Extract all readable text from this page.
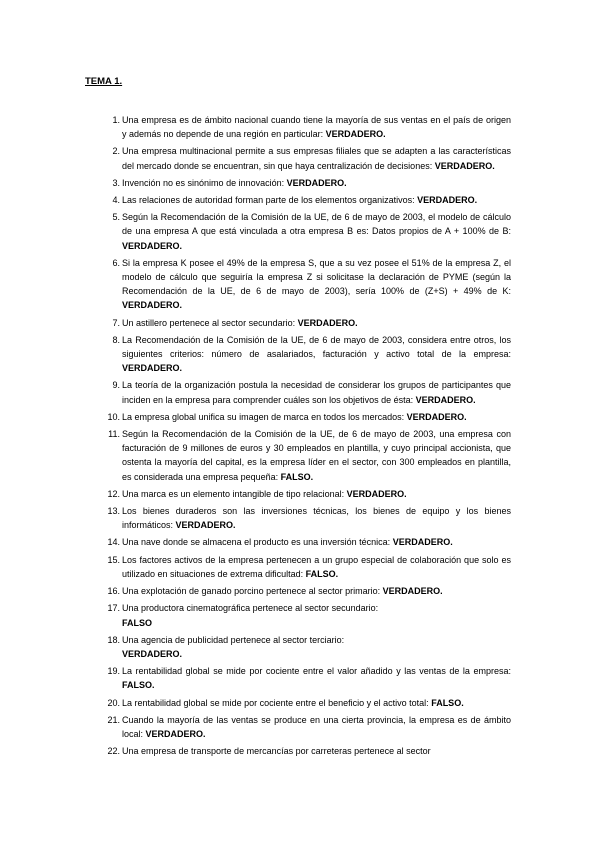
TEMA 1.
1. Una empresa es de ámbito nacional cuando tiene la mayoría de sus ventas en el país de origen y además no depende de una región en particular: VERDADERO.
2. Una empresa multinacional permite a sus empresas filiales que se adapten a las características del mercado donde se encuentran, sin que haya centralización de decisiones: VERDADERO.
3. Invención no es sinónimo de innovación: VERDADERO.
4. Las relaciones de autoridad forman parte de los elementos organizativos: VERDADERO.
5. Según la Recomendación de la Comisión de la UE, de 6 de mayo de 2003, el modelo de cálculo de una empresa A que está vinculada a otra empresa B es: Datos propios de A + 100% de B: VERDADERO.
6. Si la empresa K posee el 49% de la empresa S, que a su vez posee el 51% de la empresa Z, el modelo de cálculo que seguiría la empresa Z si solicitase la declaración de PYME (según la Recomendación de la UE, de 6 de mayo de 2003), sería 100% de (Z+S) + 49% de K: VERDADERO.
7. Un astillero pertenece al sector secundario: VERDADERO.
8. La Recomendación de la Comisión de la UE, de 6 de mayo de 2003, considera entre otros, los siguientes criterios: número de asalariados, facturación y activo total de la empresa: VERDADERO.
9. La teoría de la organización postula la necesidad de considerar los grupos de participantes que inciden en la empresa para comprender cuáles son los objetivos de ésta: VERDADERO.
10. La empresa global unifica su imagen de marca en todos los mercados: VERDADERO.
11. Según la Recomendación de la Comisión de la UE, de 6 de mayo de 2003, una empresa con facturación de 9 millones de euros y 30 empleados en plantilla, y cuyo principal accionista, que ostenta la mayoría del capital, es la empresa líder en el sector, con 300 empleados en plantilla, es considerada una empresa pequeña: FALSO.
12. Una marca es un elemento intangible de tipo relacional: VERDADERO.
13. Los bienes duraderos son las inversiones técnicas, los bienes de equipo y los bienes informáticos: VERDADERO.
14. Una nave donde se almacena el producto es una inversión técnica: VERDADERO.
15. Los factores activos de la empresa pertenecen a un grupo especial de colaboración que solo es utilizado en situaciones de extrema dificultad: FALSO.
16. Una explotación de ganado porcino pertenece al sector primario: VERDADERO.
17. Una productora cinematográfica pertenece al sector secundario:
FALSO
18. Una agencia de publicidad pertenece al sector terciario:
VERDADERO.
19. La rentabilidad global se mide por cociente entre el valor añadido y las ventas de la empresa: FALSO.
20. La rentabilidad global se mide por cociente entre el beneficio y el activo total: FALSO.
21. Cuando la mayoría de las ventas se produce en una cierta provincia, la empresa es de ámbito local: VERDADERO.
22. Una empresa de transporte de mercancías por carreteras pertenece al sector
